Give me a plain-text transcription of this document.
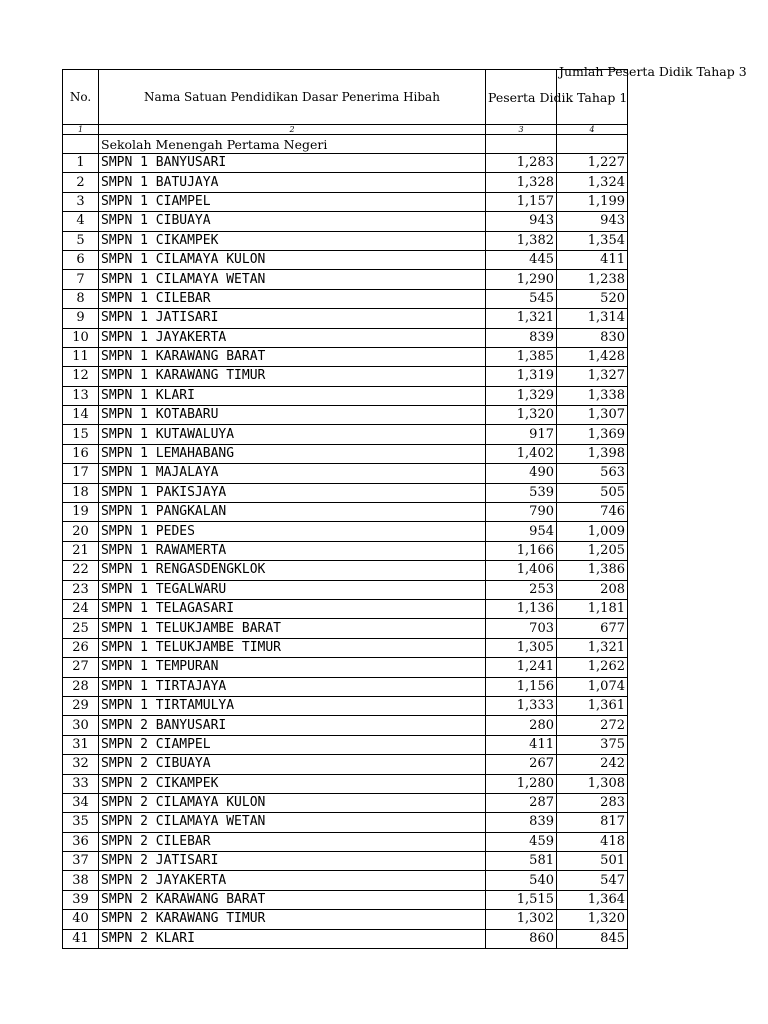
No.	Nama Satuan Pendidikan Dasar Penerima Hibah	Peserta Didik Tahap 1	Jumlah Peserta Didik Tahap 3

1	2	3	4
	Sekolah Menengah Pertama Negeri		
1	SMPN 1 BANYUSARI	1,283	1,227
2	SMPN 1 BATUJAYA	1,328	1,324
3	SMPN 1 CIAMPEL	1,157	1,199
4	SMPN 1 CIBUAYA	943	943
5	SMPN 1 CIKAMPEK	1,382	1,354
6	SMPN 1 CILAMAYA KULON	445	411
7	SMPN 1 CILAMAYA WETAN	1,290	1,238
8	SMPN 1 CILEBAR	545	520
9	SMPN 1 JATISARI	1,321	1,314
10	SMPN 1 JAYAKERTA	839	830
11	SMPN 1 KARAWANG BARAT	1,385	1,428
12	SMPN 1 KARAWANG TIMUR	1,319	1,327
13	SMPN 1 KLARI	1,329	1,338
14	SMPN 1 KOTABARU	1,320	1,307
15	SMPN 1 KUTAWALUYA	917	1,369
16	SMPN 1 LEMAHABANG	1,402	1,398
17	SMPN 1 MAJALAYA	490	563
18	SMPN 1 PAKISJAYA	539	505
19	SMPN 1 PANGKALAN	790	746
20	SMPN 1 PEDES	954	1,009
21	SMPN 1 RAWAMERTA	1,166	1,205
22	SMPN 1 RENGASDENGKLOK	1,406	1,386
23	SMPN 1 TEGALWARU	253	208
24	SMPN 1 TELAGASARI	1,136	1,181
25	SMPN 1 TELUKJAMBE BARAT	703	677
26	SMPN 1 TELUKJAMBE TIMUR	1,305	1,321
27	SMPN 1 TEMPURAN	1,241	1,262
28	SMPN 1 TIRTAJAYA	1,156	1,074
29	SMPN 1 TIRTAMULYA	1,333	1,361
30	SMPN 2 BANYUSARI	280	272
31	SMPN 2 CIAMPEL	411	375
32	SMPN 2 CIBUAYA	267	242
33	SMPN 2 CIKAMPEK	1,280	1,308
34	SMPN 2 CILAMAYA KULON	287	283
35	SMPN 2 CILAMAYA WETAN	839	817
36	SMPN 2 CILEBAR	459	418
37	SMPN 2 JATISARI	581	501
38	SMPN 2 JAYAKERTA	540	547
39	SMPN 2 KARAWANG BARAT	1,515	1,364
40	SMPN 2 KARAWANG TIMUR	1,302	1,320
41	SMPN 2 KLARI	860	845
